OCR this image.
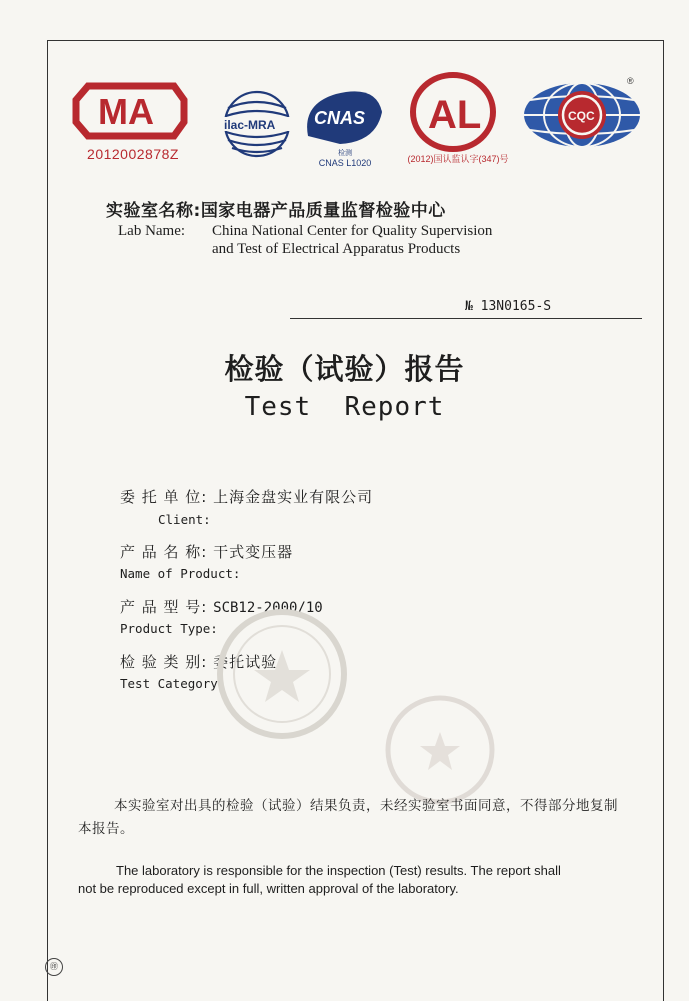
MA
2012002878Z
ilac-MRA CNAS
检测
CNAS L1020
AL
(2012)国认监认字(347)号
CQC
®
实验室名称:国家电器产品质量监督检验中心
Lab Name: China National Center for Quality Supervision
and Test of Electrical Apparatus Products
№ 13N0165-S
检验（试验）报告
Test  Report
委 托 单 位: 上海金盘实业有限公司
Client:
产 品 名 称: 干式变压器
Name of Product:
产 品 型 号: SCB12-2000/10
Product Type:
检 验 类 别: 委托试验
Test Category:
本实验室对出具的检验（试验）结果负责，未经实验室书面同意，不得部分地复制本报告。
The laboratory is responsible for the inspection (Test) results. The report shall
not be reproduced except in full, written approval of the laboratory.
㊞
